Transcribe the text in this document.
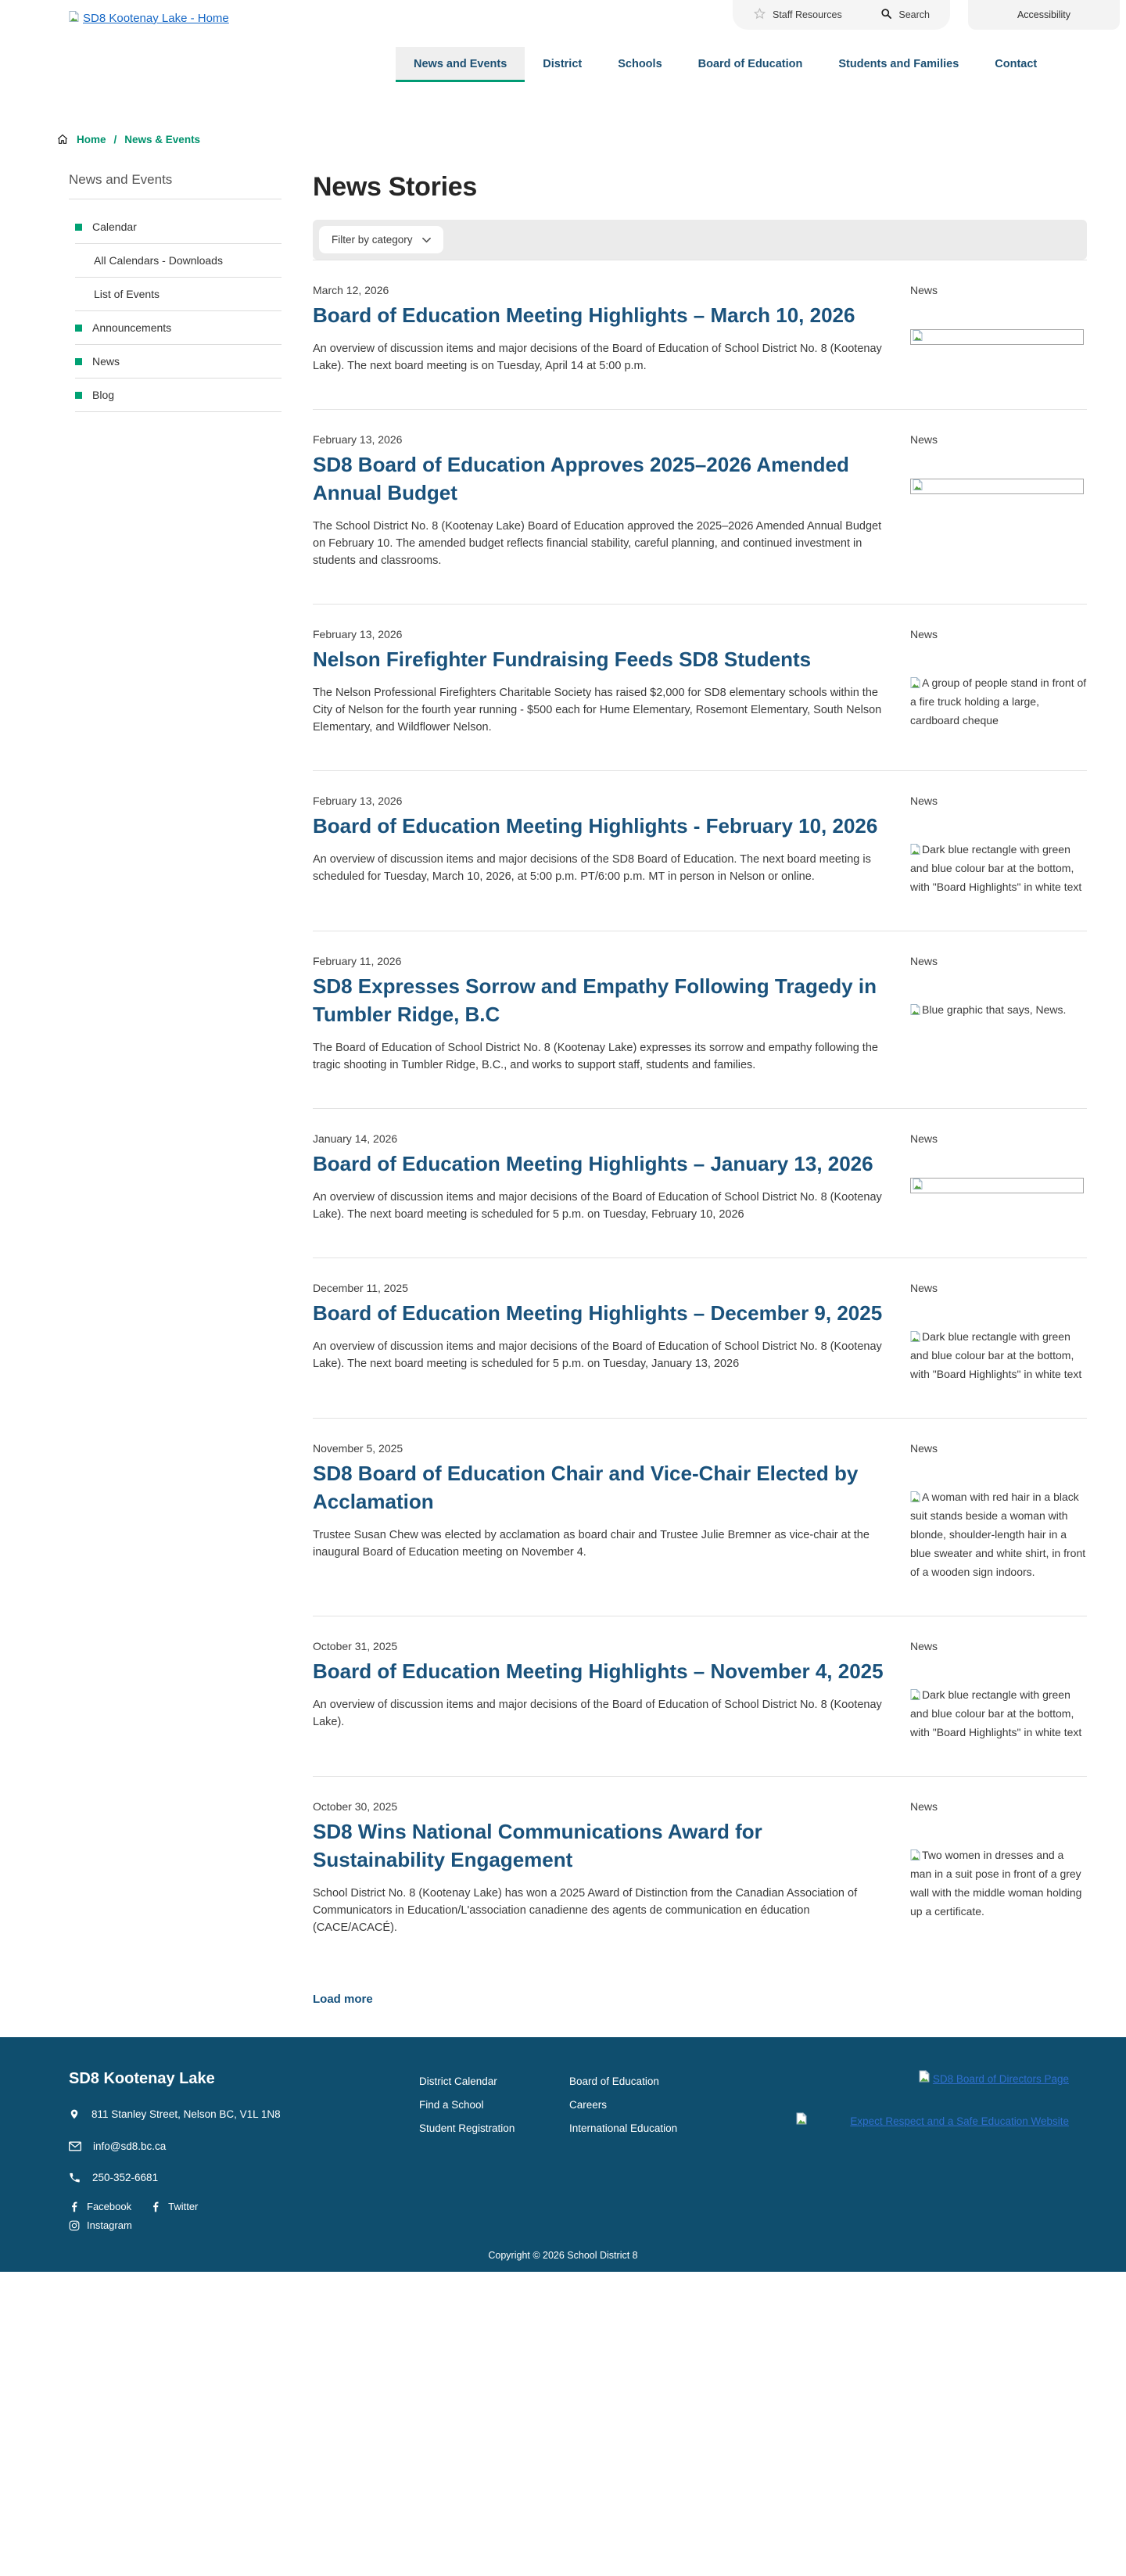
SD8 Kootenay Lake - Home	Staff Resources	Search	Accessibility
News and Events	District	Schools	Board of Education	Students and Families	Contact
Home / News & Events
News and Events
Calendar
All Calendars - Downloads
List of Events
Announcements
News
Blog
News Stories
Filter by category
March 12, 2026
Board of Education Meeting Highlights – March 10, 2026

An overview of discussion items and major decisions of the Board of Education of School District No. 8 (Kootenay Lake). The next board meeting is on Tuesday, April 14 at 5:00 p.m.

News
February 13, 2026
SD8 Board of Education Approves 2025–2026 Amended Annual Budget

The School District No. 8 (Kootenay Lake) Board of Education approved the 2025–2026 Amended Annual Budget on February 10. The amended budget reflects financial stability, careful planning, and continued investment in students and classrooms.

News
February 13, 2026
Nelson Firefighter Fundraising Feeds SD8 Students

The Nelson Professional Firefighters Charitable Society has raised $2,000 for SD8 elementary schools within the City of Nelson for the fourth year running - $500 each for Hume Elementary, Rosemont Elementary, South Nelson Elementary, and Wildflower Nelson.

News
A group of people stand in front of a fire truck holding a large, cardboard cheque
February 13, 2026
Board of Education Meeting Highlights - February 10, 2026

An overview of discussion items and major decisions of the SD8 Board of Education. The next board meeting is scheduled for Tuesday, March 10, 2026, at 5:00 p.m. PT/6:00 p.m. MT in person in Nelson or online.

News
Dark blue rectangle with green and blue colour bar at the bottom, with "Board Highlights" in white text
February 11, 2026
SD8 Expresses Sorrow and Empathy Following Tragedy in Tumbler Ridge, B.C

The Board of Education of School District No. 8 (Kootenay Lake) expresses its sorrow and empathy following the tragic shooting in Tumbler Ridge, B.C., and works to support staff, students and families.

News
Blue graphic that says, News.
January 14, 2026
Board of Education Meeting Highlights – January 13, 2026

An overview of discussion items and major decisions of the Board of Education of School District No. 8 (Kootenay Lake). The next board meeting is scheduled for 5 p.m. on Tuesday, February 10, 2026

News
December 11, 2025
Board of Education Meeting Highlights – December 9, 2025

An overview of discussion items and major decisions of the Board of Education of School District No. 8 (Kootenay Lake). The next board meeting is scheduled for 5 p.m. on Tuesday, January 13, 2026

News
Dark blue rectangle with green and blue colour bar at the bottom, with "Board Highlights" in white text
November 5, 2025
SD8 Board of Education Chair and Vice-Chair Elected by Acclamation

Trustee Susan Chew was elected by acclamation as board chair and Trustee Julie Bremner as vice-chair at the inaugural Board of Education meeting on November 4.

News
A woman with red hair in a black suit stands beside a woman with blonde, shoulder-length hair in a blue sweater and white shirt, in front of a wooden sign indoors.
October 31, 2025
Board of Education Meeting Highlights – November 4, 2025

An overview of discussion items and major decisions of the Board of Education of School District No. 8 (Kootenay Lake).

News
Dark blue rectangle with green and blue colour bar at the bottom, with "Board Highlights" in white text
October 30, 2025
SD8 Wins National Communications Award for Sustainability Engagement

School District No. 8 (Kootenay Lake) has won a 2025 Award of Distinction from the Canadian Association of Communicators in Education/L'association canadienne des agents de communication en éducation (CACE/ACACÉ).

News
Two women in dresses and a man in a suit pose in front of a grey wall with the middle woman holding up a certificate.
Load more
SD8 Kootenay Lake
811 Stanley Street, Nelson BC, V1L 1N8
info@sd8.bc.ca
250-352-6681
Facebook	Twitter
Instagram
District Calendar
Find a School
Student Registration
Board of Education
Careers
International Education
SD8 Board of Directors Page
Expect Respect and a Safe Education Website
Copyright © 2026 School District 8
